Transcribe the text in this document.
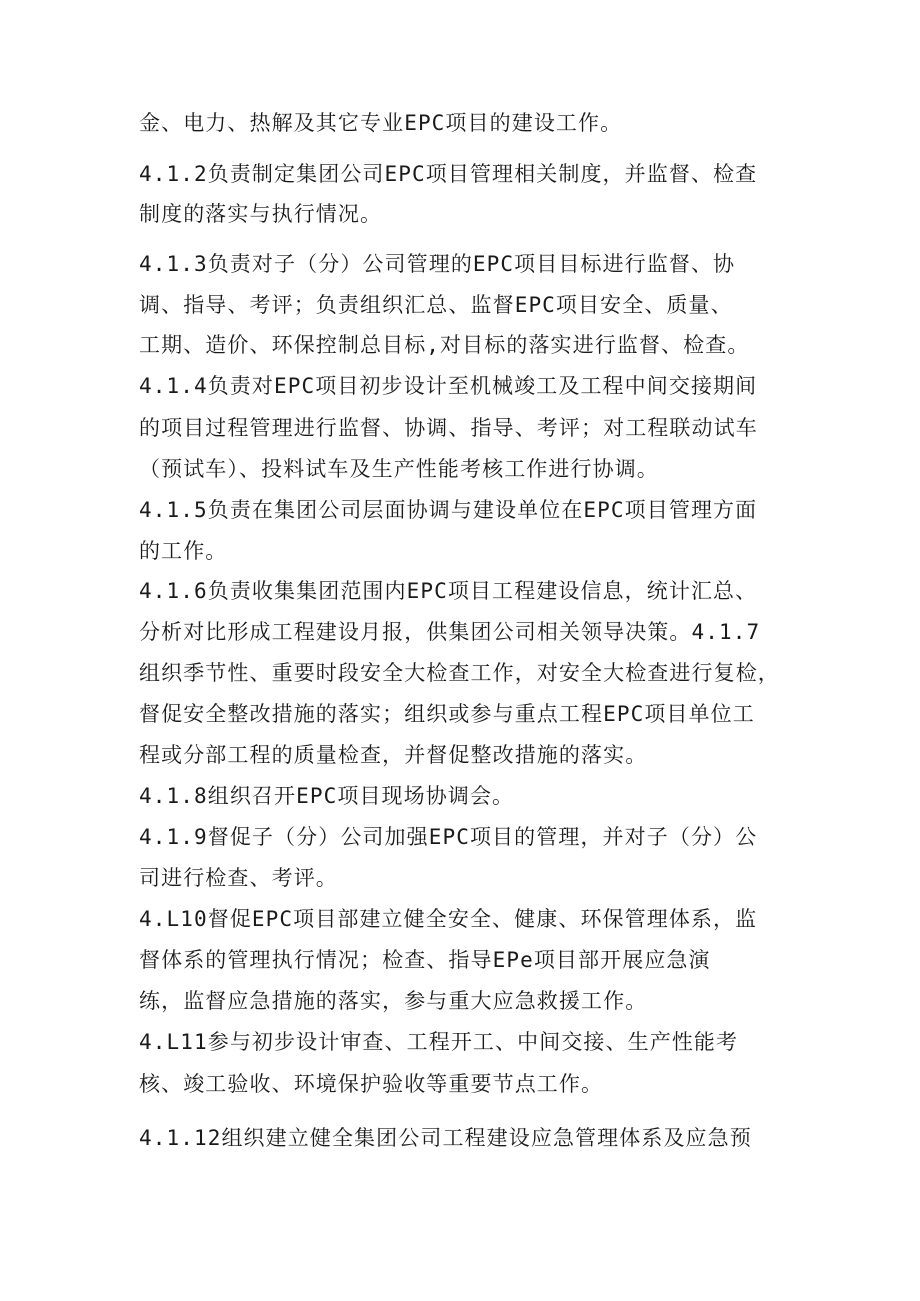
金、电力、热解及其它专业EPC项目的建设工作。
4.1.2负责制定集团公司EPC项目管理相关制度，并监督、检查
制度的落实与执行情况。
4.1.3负责对子（分）公司管理的EPC项目目标进行监督、协
调、指导、考评；负责组织汇总、监督EPC项目安全、质量、
工期、造价、环保控制总目标,对目标的落实进行监督、检查。
4.1.4负责对EPC项目初步设计至机械竣工及工程中间交接期间
的项目过程管理进行监督、协调、指导、考评；对工程联动试车
（预试车）、投料试车及生产性能考核工作进行协调。
4.1.5负责在集团公司层面协调与建设单位在EPC项目管理方面
的工作。
4.1.6负责收集集团范围内EPC项目工程建设信息，统计汇总、
分析对比形成工程建设月报，供集团公司相关领导决策。4.1.7
组织季节性、重要时段安全大检查工作，对安全大检查进行复检，
督促安全整改措施的落实；组织或参与重点工程EPC项目单位工
程或分部工程的质量检查，并督促整改措施的落实。
4.1.8组织召开EPC项目现场协调会。
4.1.9督促子（分）公司加强EPC项目的管理，并对子（分）公
司进行检查、考评。
4.L10督促EPC项目部建立健全安全、健康、环保管理体系，监
督体系的管理执行情况；检查、指导EPe项目部开展应急演
练，监督应急措施的落实，参与重大应急救援工作。
4.L11参与初步设计审查、工程开工、中间交接、生产性能考
核、竣工验收、环境保护验收等重要节点工作。
4.1.12组织建立健全集团公司工程建设应急管理体系及应急预
